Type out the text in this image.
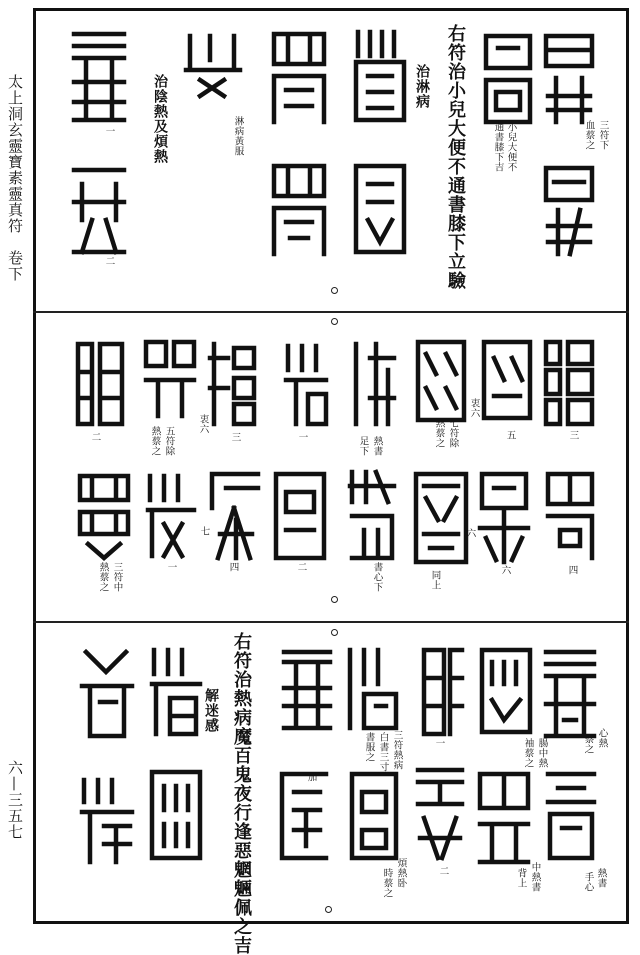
太上洞玄靈寶素靈真符　卷下
六—三五七
右符治小兒大便不通書膝下立驗
治淋病
三符下
血蔡之
小兒大便不
通書膝下吉
淋病黃服
治陰熱及煩熱
一
二
三
五
七符除
熱蔡之
熱書
足下
衷六
一
三
衷六
五符除
熱蔡之
二
四
六
六
同上
書心下
二
四
七
一
三符中
熱蔡之
右符治熱病魔百鬼夜行逢惡魍魎佩之吉
解迷感
心熱
蔡之
熱書
手心
腸中熱
袖蔡之
中熱書
背上
一
二
煩熱卧
時蔡之
三符熱病
白書三寸
書服之
加
